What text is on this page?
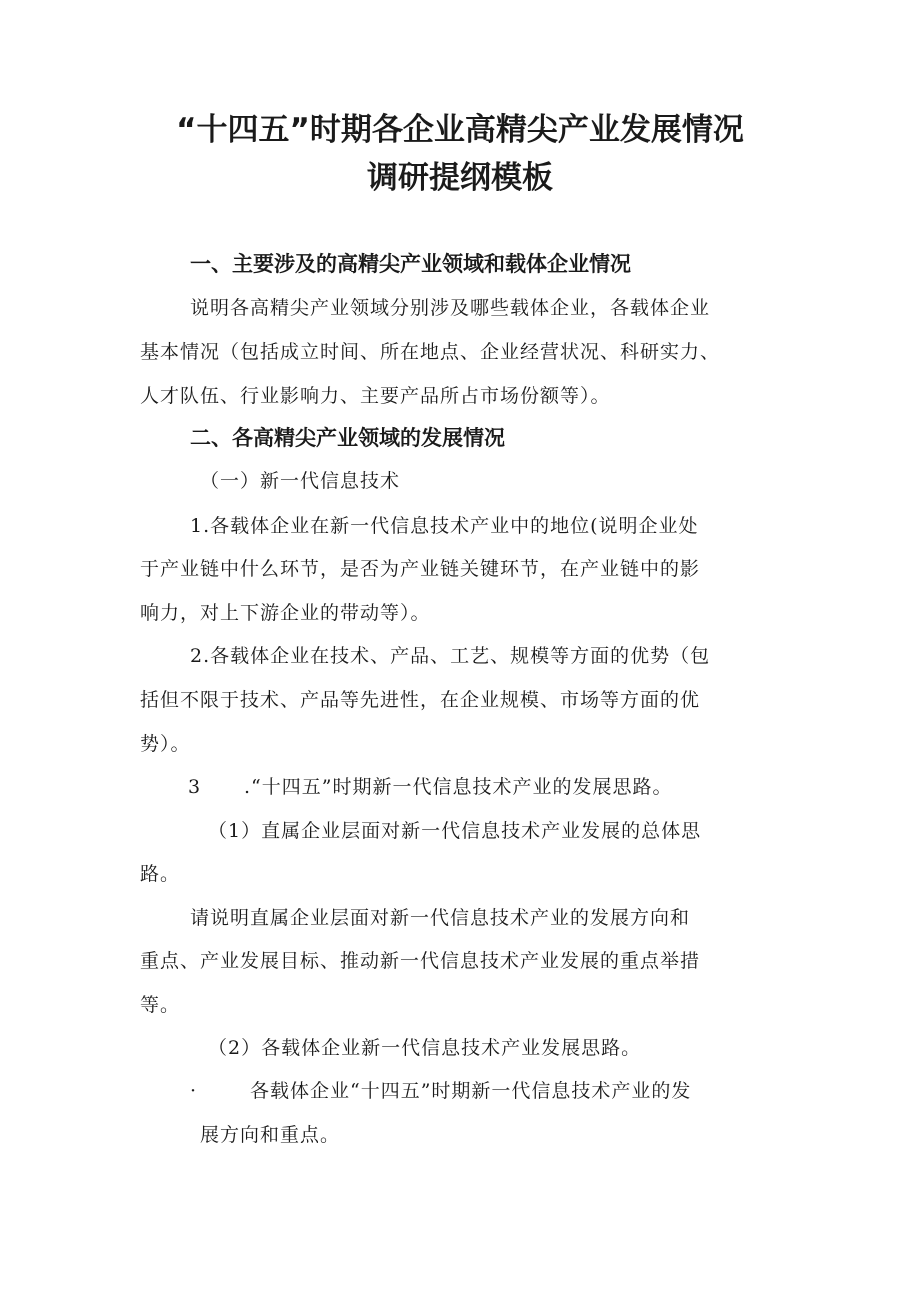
“十四五”时期各企业高精尖产业发展情况
调研提纲模板
一、主要涉及的高精尖产业领域和载体企业情况
说明各高精尖产业领域分别涉及哪些载体企业，各载体企业
基本情况（包括成立时间、所在地点、企业经营状况、科研实力、
人才队伍、行业影响力、主要产品所占市场份额等）。
二、各高精尖产业领域的发展情况
（一）新一代信息技术
1.各载体企业在新一代信息技术产业中的地位(说明企业处
于产业链中什么环节，是否为产业链关键环节，在产业链中的影
响力，对上下游企业的带动等）。
2.各载体企业在技术、产品、工艺、规模等方面的优势（包
括但不限于技术、产品等先进性，在企业规模、市场等方面的优
势）。
3 .“十四五”时期新一代信息技术产业的发展思路。
（1）直属企业层面对新一代信息技术产业发展的总体思
路。
请说明直属企业层面对新一代信息技术产业的发展方向和
重点、产业发展目标、推动新一代信息技术产业发展的重点举措
等。
（2）各载体企业新一代信息技术产业发展思路。
·	各载体企业“十四五”时期新一代信息技术产业的发
展方向和重点。
